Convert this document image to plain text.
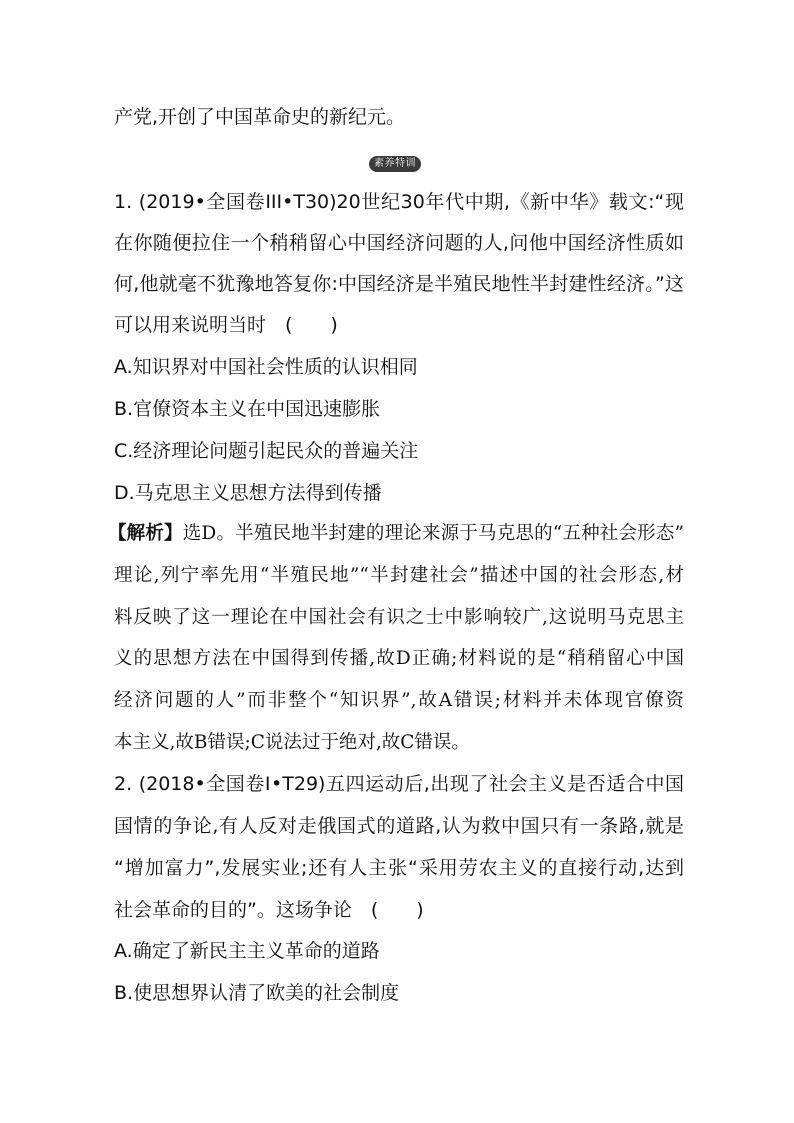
产党,开创了中国革命史的新纪元。
素养特训
1. (2019•全国卷III•T30)20世纪30年代中期,《新中华》载文:“现
在你随便拉住一个稍稍留心中国经济问题的人,问他中国经济性质如
何,他就毫不犹豫地答复你:中国经济是半殖民地性半封建性经济。”这
可以用来说明当时　(　　)
A.知识界对中国社会性质的认识相同
B.官僚资本主义在中国迅速膨胀
C.经济理论问题引起民众的普遍关注
D.马克思主义思想方法得到传播
【解析】选D。半殖民地半封建的理论来源于马克思的“五种社会形态”
理论,列宁率先用“半殖民地”“半封建社会”描述中国的社会形态,材
料反映了这一理论在中国社会有识之士中影响较广,这说明马克思主
义的思想方法在中国得到传播,故D正确;材料说的是“稍稍留心中国
经济问题的人”而非整个“知识界”,故A错误;材料并未体现官僚资
本主义,故B错误;C说法过于绝对,故C错误。
2. (2018•全国卷Ⅰ•T29)五四运动后,出现了社会主义是否适合中国
国情的争论,有人反对走俄国式的道路,认为救中国只有一条路,就是
“增加富力”,发展实业;还有人主张“采用劳农主义的直接行动,达到
社会革命的目的”。这场争论　(　　)
A.确定了新民主主义革命的道路
B.使思想界认清了欧美的社会制度
